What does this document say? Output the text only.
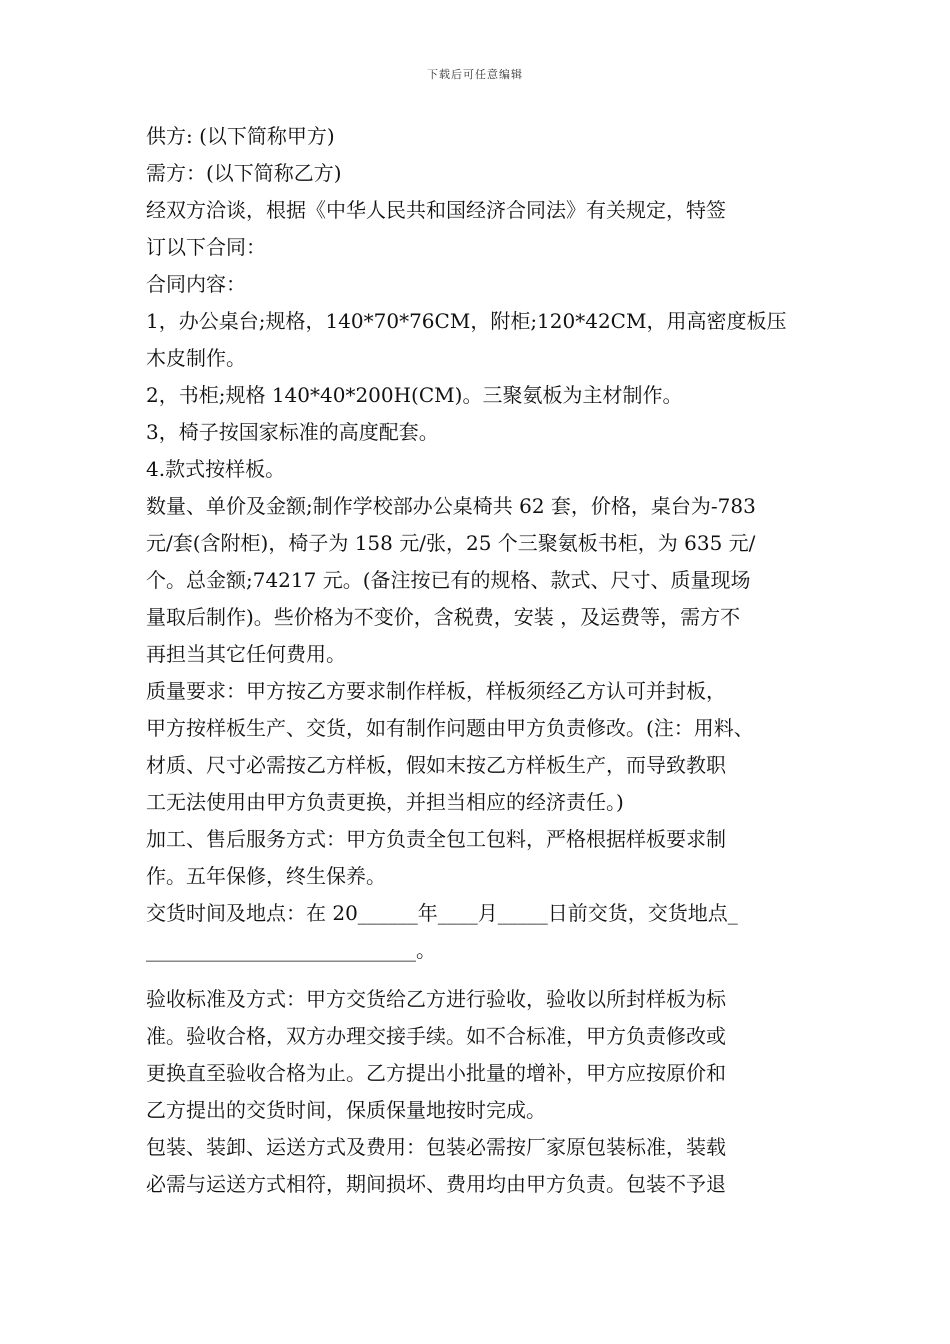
下载后可任意编辑
供方: (以下简称甲方)
需方：(以下简称乙方)
经双方洽谈，根据《中华人民共和国经济合同法》有关规定，特签
订以下合同：
合同内容：
1，办公桌台;规格，140*70*76CM，附柜;120*42CM，用高密度板压
木皮制作。
2，书柜;规格 140*40*200H(CM)。三聚氨板为主材制作。
3，椅子按国家标准的高度配套。
4.款式按样板。
数量、单价及金额;制作学校部办公桌椅共 62 套，价格，桌台为-783
元/套(含附柜)，椅子为 158 元/张，25 个三聚氨板书柜，为 635 元/
个。总金额;74217 元。(备注按已有的规格、款式、尺寸、质量现场
量取后制作)。些价格为不变价，含税费，安装 ，及运费等，需方不
再担当其它任何费用。
质量要求：甲方按乙方要求制作样板，样板须经乙方认可并封板，
甲方按样板生产、交货，如有制作问题由甲方负责修改。(注：用料、
材质、尺寸必需按乙方样板，假如末按乙方样板生产，而导致教职
工无法使用由甲方负责更换，并担当相应的经济责任。)
加工、售后服务方式：甲方负责全包工包料，严格根据样板要求制
作。五年保修，终生保养。
交货时间及地点：在 20______年____月_____日前交货，交货地点_
___________________________。
验收标准及方式：甲方交货给乙方进行验收，验收以所封样板为标
准。验收合格，双方办理交接手续。如不合标准，甲方负责修改或
更换直至验收合格为止。乙方提出小批量的增补，甲方应按原价和
乙方提出的交货时间，保质保量地按时完成。
包装、装卸、运送方式及费用：包装必需按厂家原包装标准，装载
必需与运送方式相符，期间损坏、费用均由甲方负责。包装不予退
